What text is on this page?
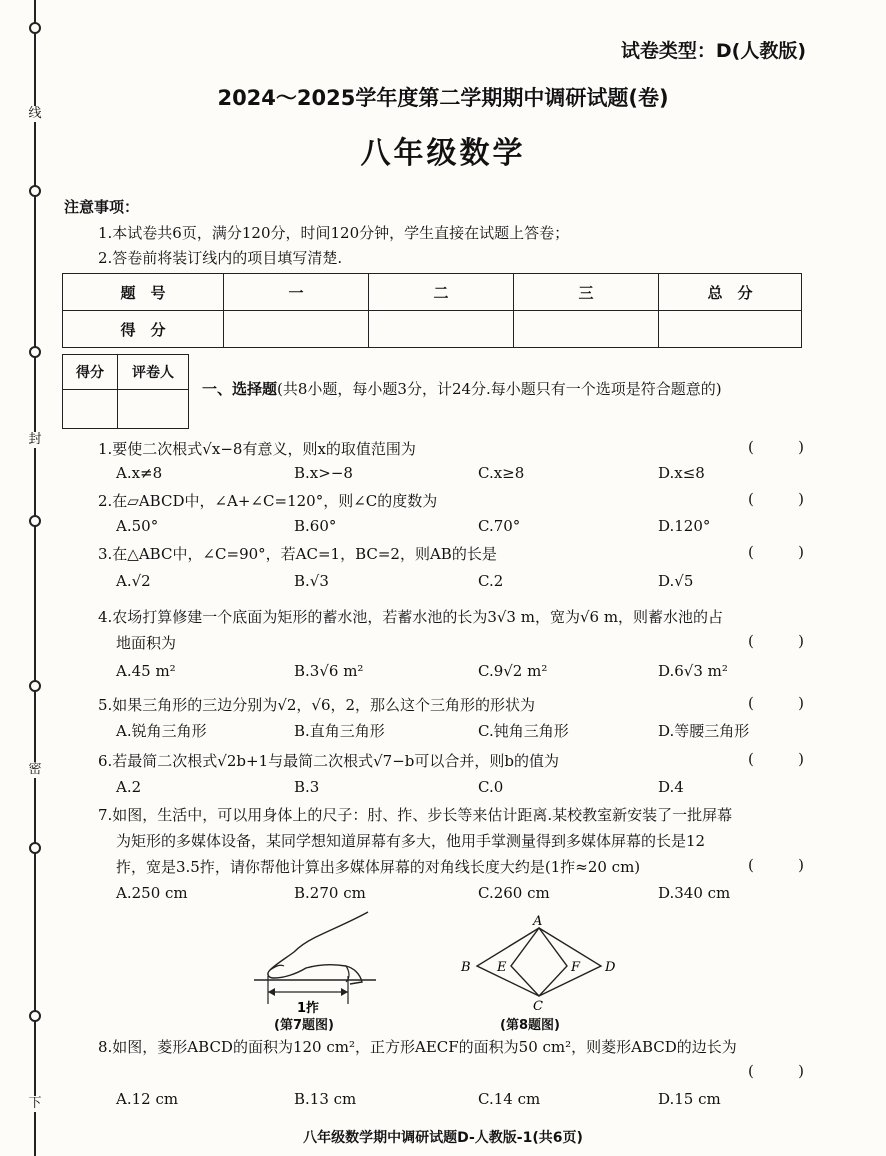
线
封
密
下
试卷类型：D(人教版)
2024～2025学年度第二学期期中调研试题(卷)
八年级数学
注意事项：
1.本试卷共6页，满分120分，时间120分钟，学生直接在试题上答卷；
2.答卷前将装订线内的项目填写清楚.
题　号	一	二	三	总　分
得　分				
得分	评卷人

一、选择题(共8小题，每小题3分，计24分.每小题只有一个选项是符合题意的)
1.要使二次根式√x−8有意义，则x的取值范围为	(	)
A.x≠8	B.x>−8	C.x≥8	D.x≤8
2.在▱ABCD中，∠A+∠C=120°，则∠C的度数为	(	)
A.50°	B.60°	C.70°	D.120°
3.在△ABC中，∠C=90°，若AC=1，BC=2，则AB的长是	(	)
A.√2	B.√3	C.2	D.√5
4.农场打算修建一个底面为矩形的蓄水池，若蓄水池的长为3√3 m，宽为√6 m，则蓄水池的占
地面积为	(	)
A.45 m²	B.3√6 m²	C.9√2 m²	D.6√3 m²
5.如果三角形的三边分别为√2，√6，2，那么这个三角形的形状为	(	)
A.锐角三角形	B.直角三角形	C.钝角三角形	D.等腰三角形
6.若最简二次根式√2b+1与最简二次根式√7−b可以合并，则b的值为	(	)
A.2	B.3	C.0	D.4
7.如图，生活中，可以用身体上的尺子：肘、拃、步长等来估计距离.某校教室新安装了一批屏幕
为矩形的多媒体设备，某同学想知道屏幕有多大，他用手掌测量得到多媒体屏幕的长是12
拃，宽是3.5拃，请你帮他计算出多媒体屏幕的对角线长度大约是(1拃≈20 cm)	(	)
A.250 cm	B.270 cm	C.260 cm	D.340 cm
1拃
(第7题图)
A
B
C
D
E	F
(第8题图)
8.如图，菱形ABCD的面积为120 cm²，正方形AECF的面积为50 cm²，则菱形ABCD的边长为
(	)
A.12 cm	B.13 cm	C.14 cm	D.15 cm
八年级数学期中调研试题D-人教版-1(共6页)
